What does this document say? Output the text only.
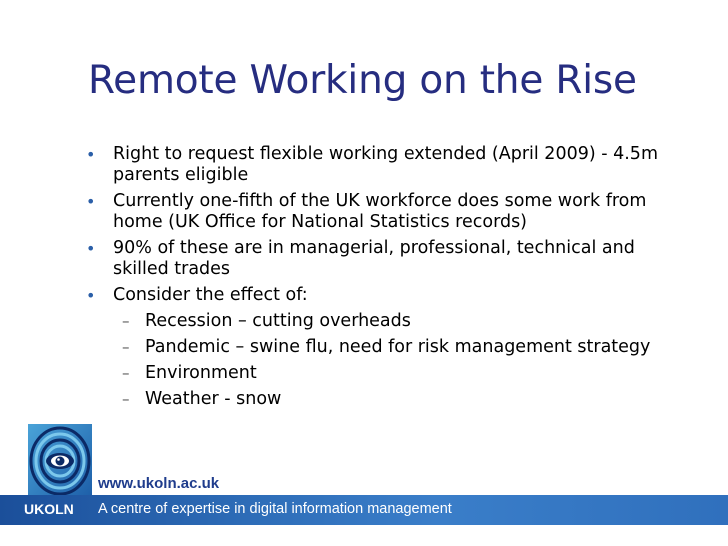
Remote Working on the Rise
• Right to request flexible working extended (April 2009) - 4.5m parents eligible
• Currently one-fifth of the UK workforce does some work from home (UK Office for National Statistics records)
• 90% of these are in managerial, professional, technical and skilled trades
• Consider the effect of:
– Recession – cutting overheads
– Pandemic – swine flu, need for risk management strategy
– Environment
– Weather - snow
www.ukoln.ac.uk
UKOLN A centre of expertise in digital information management
